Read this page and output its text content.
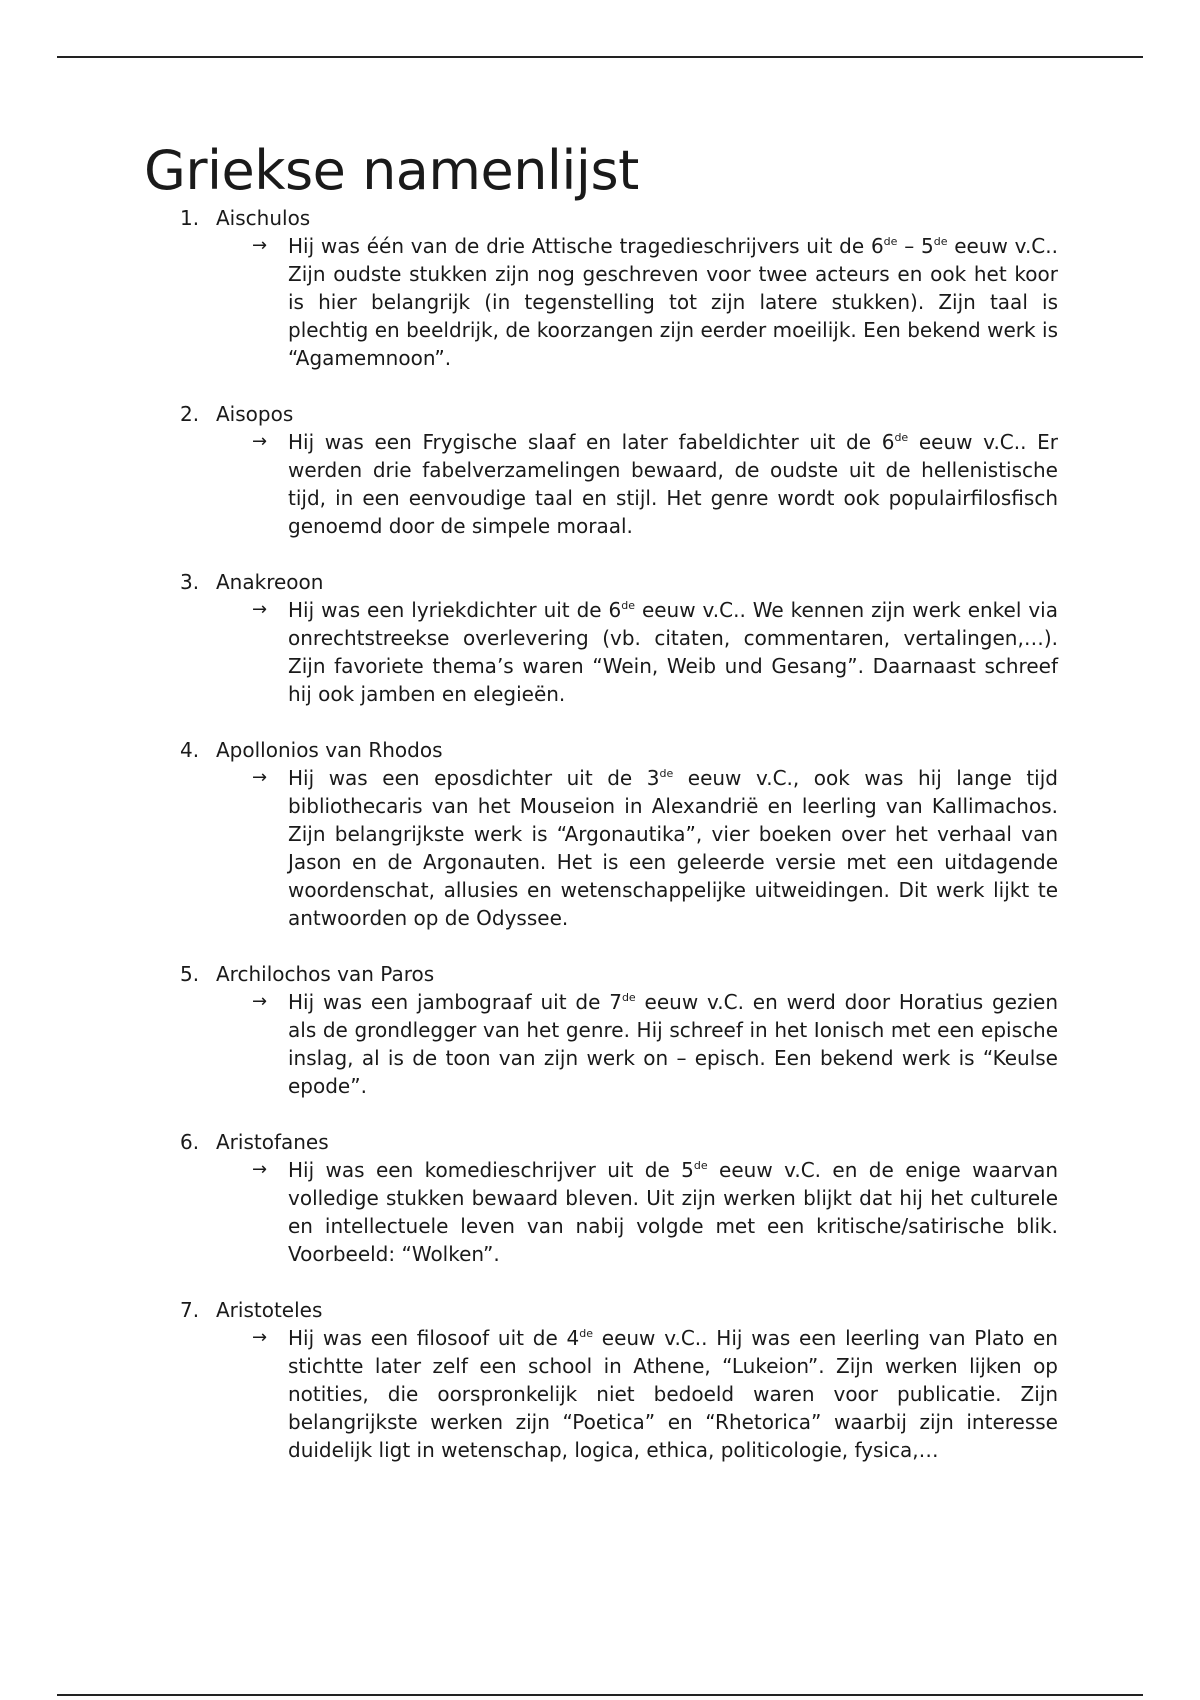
Griekse namenlijst
1. Aischulos
→	Hij was één van de drie Attische tragedieschrijvers uit de 6de – 5de eeuw v.C.. Zijn oudste stukken zijn nog geschreven voor twee acteurs en ook het koor is hier belangrijk (in tegenstelling tot zijn latere stukken). Zijn taal is plechtig en beeldrijk, de koorzangen zijn eerder moeilijk. Een bekend werk is “Agamemnoon”.

2. Aisopos
→	Hij was een Frygische slaaf en later fabeldichter uit de 6de eeuw v.C.. Er werden drie fabelverzamelingen bewaard, de oudste uit de hellenistische tijd, in een eenvoudige taal en stijl. Het genre wordt ook populairfilosfisch genoemd door de simpele moraal.

3. Anakreoon
→	Hij was een lyriekdichter uit de 6de eeuw v.C.. We kennen zijn werk enkel via onrechtstreekse overlevering (vb. citaten, commentaren, vertalingen,…). Zijn favoriete thema’s waren “Wein, Weib und Gesang”. Daarnaast schreef hij ook jamben en elegieën.

4. Apollonios van Rhodos
→	Hij was een eposdichter uit de 3de eeuw v.C., ook was hij lange tijd bibliothecaris van het Mouseion in Alexandrië en leerling van Kallimachos. Zijn belangrijkste werk is “Argonautika”, vier boeken over het verhaal van Jason en de Argonauten. Het is een geleerde versie met een uitdagende woordenschat, allusies en wetenschappelijke uitweidingen. Dit werk lijkt te antwoorden op de Odyssee.

5. Archilochos van Paros
→	Hij was een jambograaf uit de 7de eeuw v.C. en werd door Horatius gezien als de grondlegger van het genre. Hij schreef in het Ionisch met een epische inslag, al is de toon van zijn werk on – episch. Een bekend werk is “Keulse epode”.

6. Aristofanes
→	Hij was een komedieschrijver uit de 5de eeuw v.C. en de enige waarvan volledige stukken bewaard bleven. Uit zijn werken blijkt dat hij het culturele en intellectuele leven van nabij volgde met een kritische/satirische blik. Voorbeeld: “Wolken”.

7. Aristoteles
→	Hij was een filosoof uit de 4de eeuw v.C.. Hij was een leerling van Plato en stichtte later zelf een school in Athene, “Lukeion”. Zijn werken lijken op notities, die oorspronkelijk niet bedoeld waren voor publicatie. Zijn belangrijkste werken zijn “Poetica” en “Rhetorica” waarbij zijn interesse duidelijk ligt in wetenschap, logica, ethica, politicologie, fysica,…
